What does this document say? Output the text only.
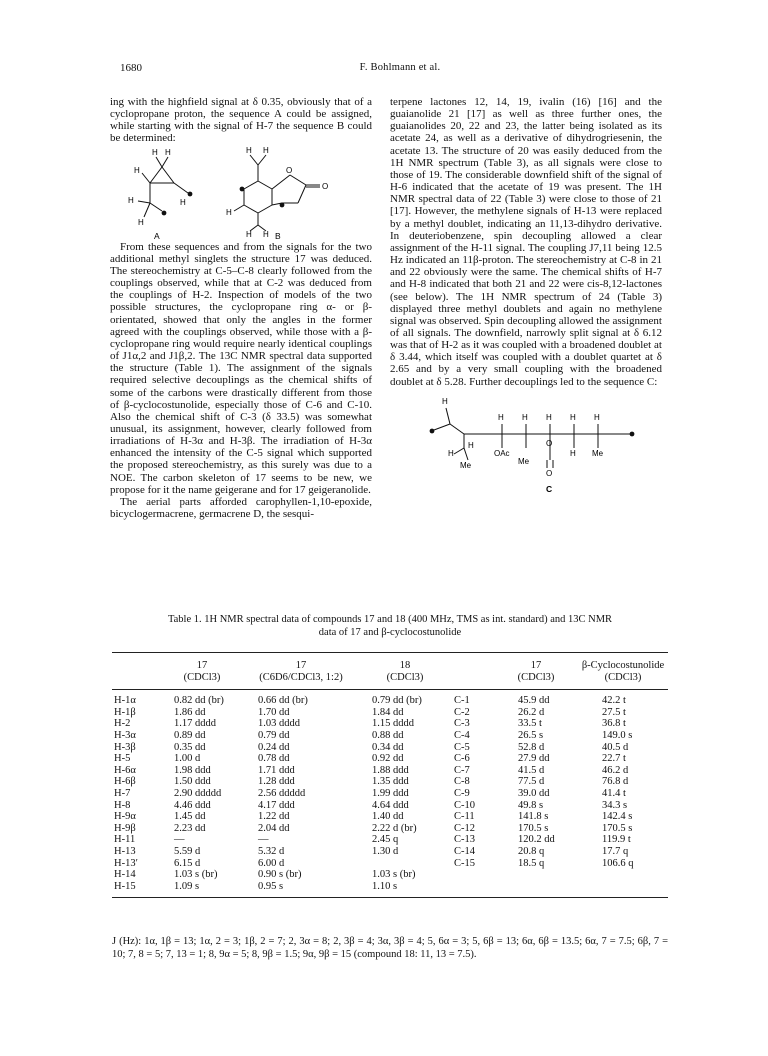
1680	F. Bohlmann et al.

ing with the highfield signal at δ 0.35, obviously that of a cyclopropane proton, the sequence A could be assigned, while starting with the signal of H-7 the sequence B could be determined:

H H
H
H
H
H
A
H H
O
O
H
H H B

From these sequences and from the signals for the two additional methyl singlets the structure 17 was deduced. The stereochemistry at C-5–C-8 clearly followed from the couplings observed, while that at C-2 was deduced from the couplings of H-2. Inspection of models of the two possible structures, the cyclopropane ring α- or β-orientated, showed that only the angles in the former agreed with the couplings observed, while those with a β-cyclopropane ring would require nearly identical couplings of J1α,2 and J1β,2. The 13C NMR spectral data supported the structure (Table 1). The assignment of the signals required selective decouplings as the chemical shifts of some of the carbons were drastically different from those of β-cyclocostunolide, especially those of C-6 and C-10. Also the chemical shift of C-3 (δ 33.5) was somewhat unusual, its assignment, however, clearly followed from irradiations of H-3α and H-3β. The irradiation of H-3α enhanced the intensity of the C-5 signal which supported the proposed stereochemistry, as this surely was due to a NOE. The carbon skeleton of 17 seems to be new, we propose for it the name geigerane and for 17 geigeranolide.

The aerial parts afforded carophyllen-1,10-epoxide, bicyclogermacrene, germacrene D, the sesqui-

terpene lactones 12, 14, 19, ivalin (16) [16] and the guaianolide 21 [17] as well as three further ones, the guaianolides 20, 22 and 23, the latter being isolated as its acetate 24, as well as a derivative of dihydrogriesenin, the acetate 13. The structure of 20 was easily deduced from the 1H NMR spectrum (Table 3), as all signals were close to those of 19. The considerable downfield shift of the signal of H-6 indicated that the acetate of 19 was present. The 1H NMR spectral data of 22 (Table 3) were close to those of 21 [17]. However, the methylene signals of H-13 were replaced by a methyl doublet, indicating an 11,13-dihydro derivative. In deuteriobenzene, spin decoupling allowed a clear assignment of the H-11 signal. The coupling J7,11 being 12.5 Hz indicated an 11β-proton. The stereochemistry at C-8 in 21 and 22 obviously were the same. The chemical shifts of H-7 and H-8 indicated that both 21 and 22 were cis-8,12-lactones (see below). The 1H NMR spectrum of 24 (Table 3) displayed three methyl doublets and again no methylene signal was observed. Spin decoupling allowed the assignment of all signals. The downfield, narrowly split signal at δ 6.12 was that of H-2 as it was coupled with a broadened doublet at δ 3.44, which itself was coupled with a doublet quartet at δ 2.65 and by a very small coupling with the broadened doublet at δ 5.28. Further decouplings led to the sequence C:

H
H H H H H
H
H
OAc
O
H Me
Me	Me
O
C
Table 1. 1H NMR spectral data of compounds 17 and 18 (400 MHz, TMS as int. standard) and 13C NMR
data of 17 and β-cyclocostunolide
	17	17	18		17	β-Cyclocostunolide
	(CDCl3)	(C6D6/CDCl3, 1:2)	(CDCl3)		(CDCl3)	(CDCl3)
H-1α	0.82 dd (br)	0.66 dd (br)	0.79 dd (br)	C-1	45.9 dd	42.2 t
H-1β	1.86 dd	1.70 dd	1.84 dd	C-2	26.2 d	27.5 t
H-2	1.17 dddd	1.03 dddd	1.15 dddd	C-3	33.5 t	36.8 t
H-3α	0.89 dd	0.79 dd	0.88 dd	C-4	26.5 s	149.0 s
H-3β	0.35 dd	0.24 dd	0.34 dd	C-5	52.8 d	40.5 d
H-5	1.00 d	0.78 dd	0.92 dd	C-6	27.9 dd	22.7 t
H-6α	1.98 ddd	1.71 ddd	1.88 ddd	C-7	41.5 d	46.2 d
H-6β	1.50 ddd	1.28 ddd	1.35 ddd	C-8	77.5 d	76.8 d
H-7	2.90 ddddd	2.56 ddddd	1.99 ddd	C-9	39.0 dd	41.4 t
H-8	4.46 ddd	4.17 ddd	4.64 ddd	C-10	49.8 s	34.3 s
H-9α	1.45 dd	1.22 dd	1.40 dd	C-11	141.8 s	142.4 s
H-9β	2.23 dd	2.04 dd	2.22 d (br)	C-12	170.5 s	170.5 s
H-11	—	—	2.45 q	C-13	120.2 dd	119.9 t
H-13	5.59 d	5.32 d	1.30 d	C-14	20.8 q	17.7 q
H-13′	6.15 d	6.00 d		C-15	18.5 q	106.6 q
H-14	1.03 s (br)	0.90 s (br)	1.03 s (br)			
H-15	1.09 s	0.95 s	1.10 s			
J (Hz): 1α, 1β = 13; 1α, 2 = 3; 1β, 2 = 7; 2, 3α = 8; 2, 3β = 4; 3α, 3β = 4; 5, 6α = 3; 5, 6β = 13; 6α, 6β = 13.5; 6α, 7 = 7.5; 6β, 7 = 10; 7, 8 = 5; 7, 13 = 1; 8, 9α = 5; 8, 9β = 1.5; 9α, 9β = 15 (compound 18: 11, 13 = 7.5).
